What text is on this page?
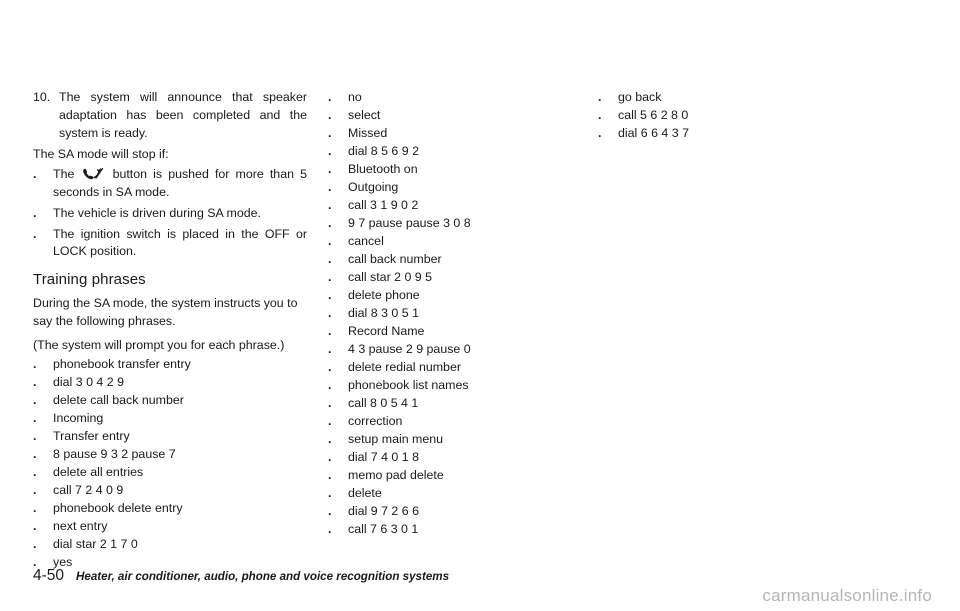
10. The system will announce that speaker adaptation has been completed and the system is ready.

The SA mode will stop if:

.	The	button is pushed for more than 5 seconds in SA mode.
.	The vehicle is driven during SA mode.
.	The ignition switch is placed in the OFF or LOCK position.
Training phrases

During the SA mode, the system instructs you to say the following phrases.

(The system will prompt you for each phrase.)

.	phonebook transfer entry
.	dial 3 0 4 2 9
.	delete call back number
.	Incoming
.	Transfer entry
.	8 pause 9 3 2 pause 7
.	delete all entries
.	call 7 2 4 0 9
.	phonebook delete entry
.	next entry
.	dial star 2 1 7 0
.	yes
.	no
.	select
.	Missed
.	dial 8 5 6 9 2
.	Bluetooth on
.	Outgoing
.	call 3 1 9 0 2
.	9 7 pause pause 3 0 8
.	cancel
.	call back number
.	call star 2 0 9 5
.	delete phone
.	dial 8 3 0 5 1
.	Record Name
.	4 3 pause 2 9 pause 0
.	delete redial number
.	phonebook list names
.	call 8 0 5 4 1
.	correction
.	setup main menu
.	dial 7 4 0 1 8
.	memo pad delete
.	delete
.	dial 9 7 2 6 6
.	call 7 6 3 0 1
.	go back
.	call 5 6 2 8 0
.	dial 6 6 4 3 7
4-50 Heater, air conditioner, audio, phone and voice recognition systems
carmanualsonline.info
